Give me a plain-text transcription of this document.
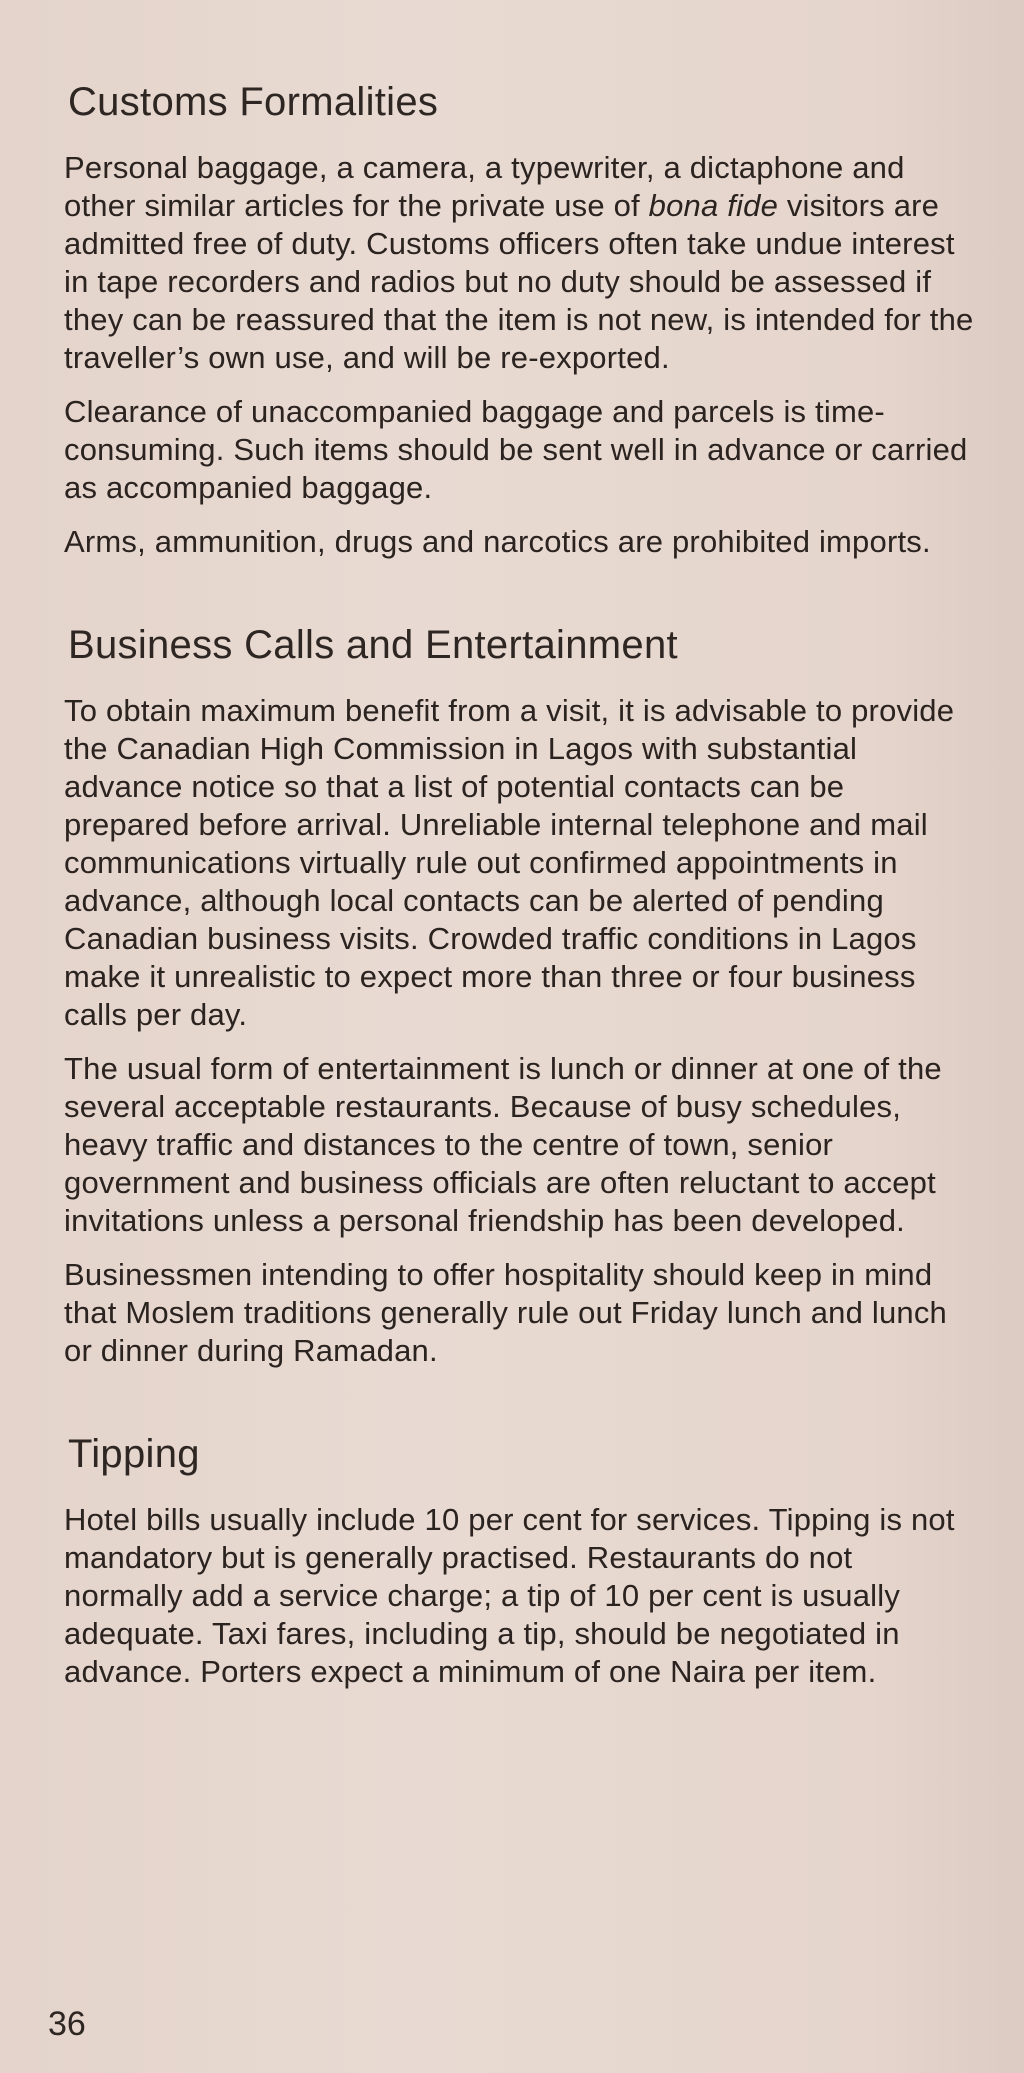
Customs Formalities

Personal baggage, a camera, a typewriter, a dictaphone and other similar articles for the private use of bona fide visitors are admitted free of duty. Customs officers often take undue interest in tape recorders and radios but no duty should be assessed if they can be reassured that the item is not new, is intended for the traveller’s own use, and will be re-exported.

Clearance of unaccompanied baggage and parcels is time-consuming. Such items should be sent well in advance or carried as accompanied baggage.

Arms, ammunition, drugs and narcotics are prohibited imports.

Business Calls and Entertainment

To obtain maximum benefit from a visit, it is advisable to provide the Canadian High Commission in Lagos with substantial advance notice so that a list of potential contacts can be prepared before arrival. Unreliable internal telephone and mail communications virtually rule out confirmed appointments in advance, although local contacts can be alerted of pending Canadian business visits. Crowded traffic conditions in Lagos make it unrealistic to expect more than three or four business calls per day.

The usual form of entertainment is lunch or dinner at one of the several acceptable restaurants. Because of busy schedules, heavy traffic and distances to the centre of town, senior government and business officials are often reluctant to accept invitations unless a personal friendship has been developed.

Businessmen intending to offer hospitality should keep in mind that Moslem traditions generally rule out Friday lunch and lunch or dinner during Ramadan.

Tipping

Hotel bills usually include 10 per cent for services. Tipping is not mandatory but is generally practised. Restaurants do not normally add a service charge; a tip of 10 per cent is usually adequate. Taxi fares, including a tip, should be negotiated in advance. Porters expect a minimum of one Naira per item.

36
